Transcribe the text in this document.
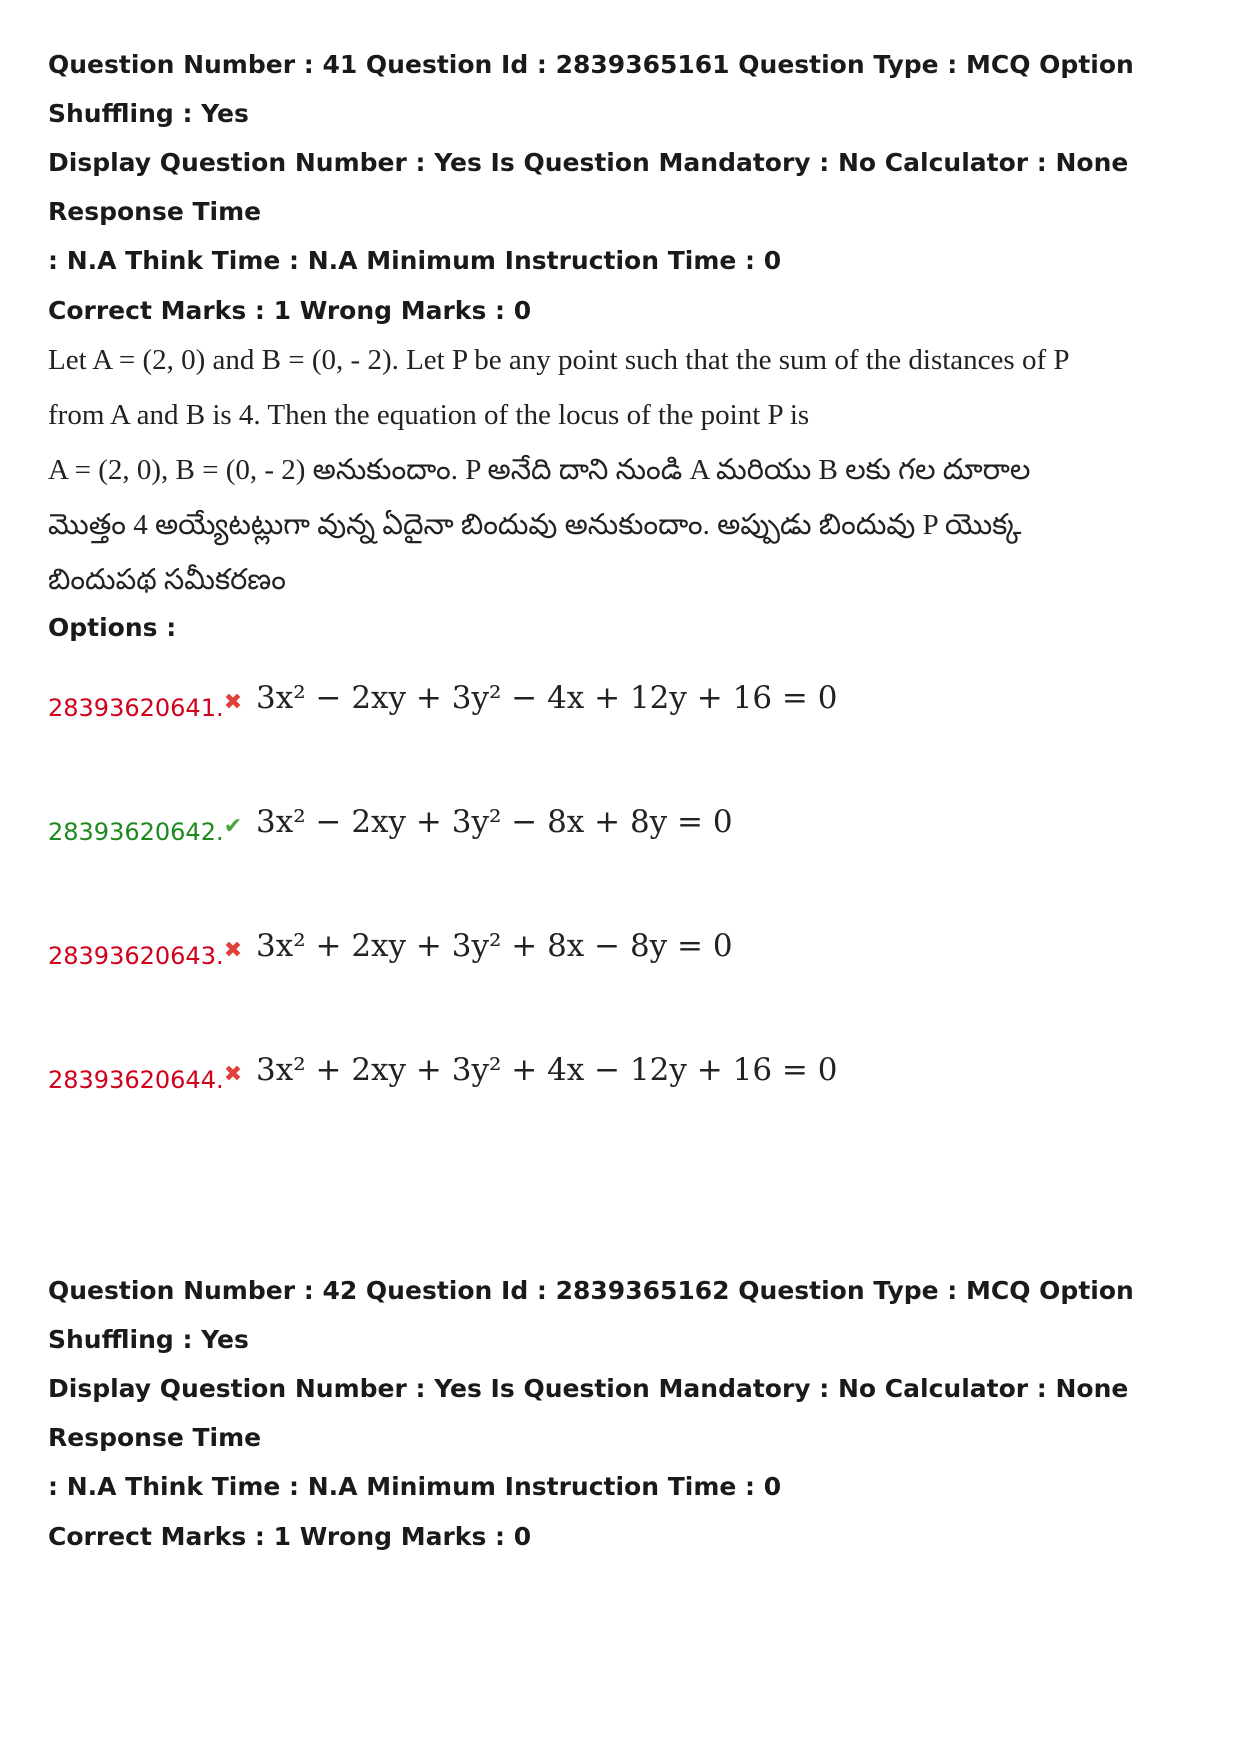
Question Number : 41 Question Id : 2839365161 Question Type : MCQ Option Shuffling : Yes

Display Question Number : Yes Is Question Mandatory : No Calculator : None Response Time

: N.A Think Time : N.A Minimum Instruction Time : 0

Correct Marks : 1 Wrong Marks : 0
Let A = (2, 0) and B = (0, - 2). Let P be any point such that the sum of the distances of P
from A and B is 4. Then the equation of the locus of the point P is
A = (2, 0), B = (0, - 2) అనుకుందాం. P అనేది దాని నుండి A మరియు B లకు గల దూరాల
మొత్తం 4 అయ్యేటట్లుగా వున్న ఏదైనా బిందువు అనుకుందాం. అప్పుడు బిందువు P యొక్క
బిందుపథ సమీకరణం
Options :
28393620641. ✖ 3x² − 2xy + 3y² − 4x + 12y + 16 = 0
28393620642. ✔ 3x² − 2xy + 3y² − 8x + 8y = 0
28393620643. ✖ 3x² + 2xy + 3y² + 8x − 8y = 0
28393620644. ✖ 3x² + 2xy + 3y² + 4x − 12y + 16 = 0

Question Number : 42 Question Id : 2839365162 Question Type : MCQ Option Shuffling : Yes

Display Question Number : Yes Is Question Mandatory : No Calculator : None Response Time

: N.A Think Time : N.A Minimum Instruction Time : 0

Correct Marks : 1 Wrong Marks : 0
